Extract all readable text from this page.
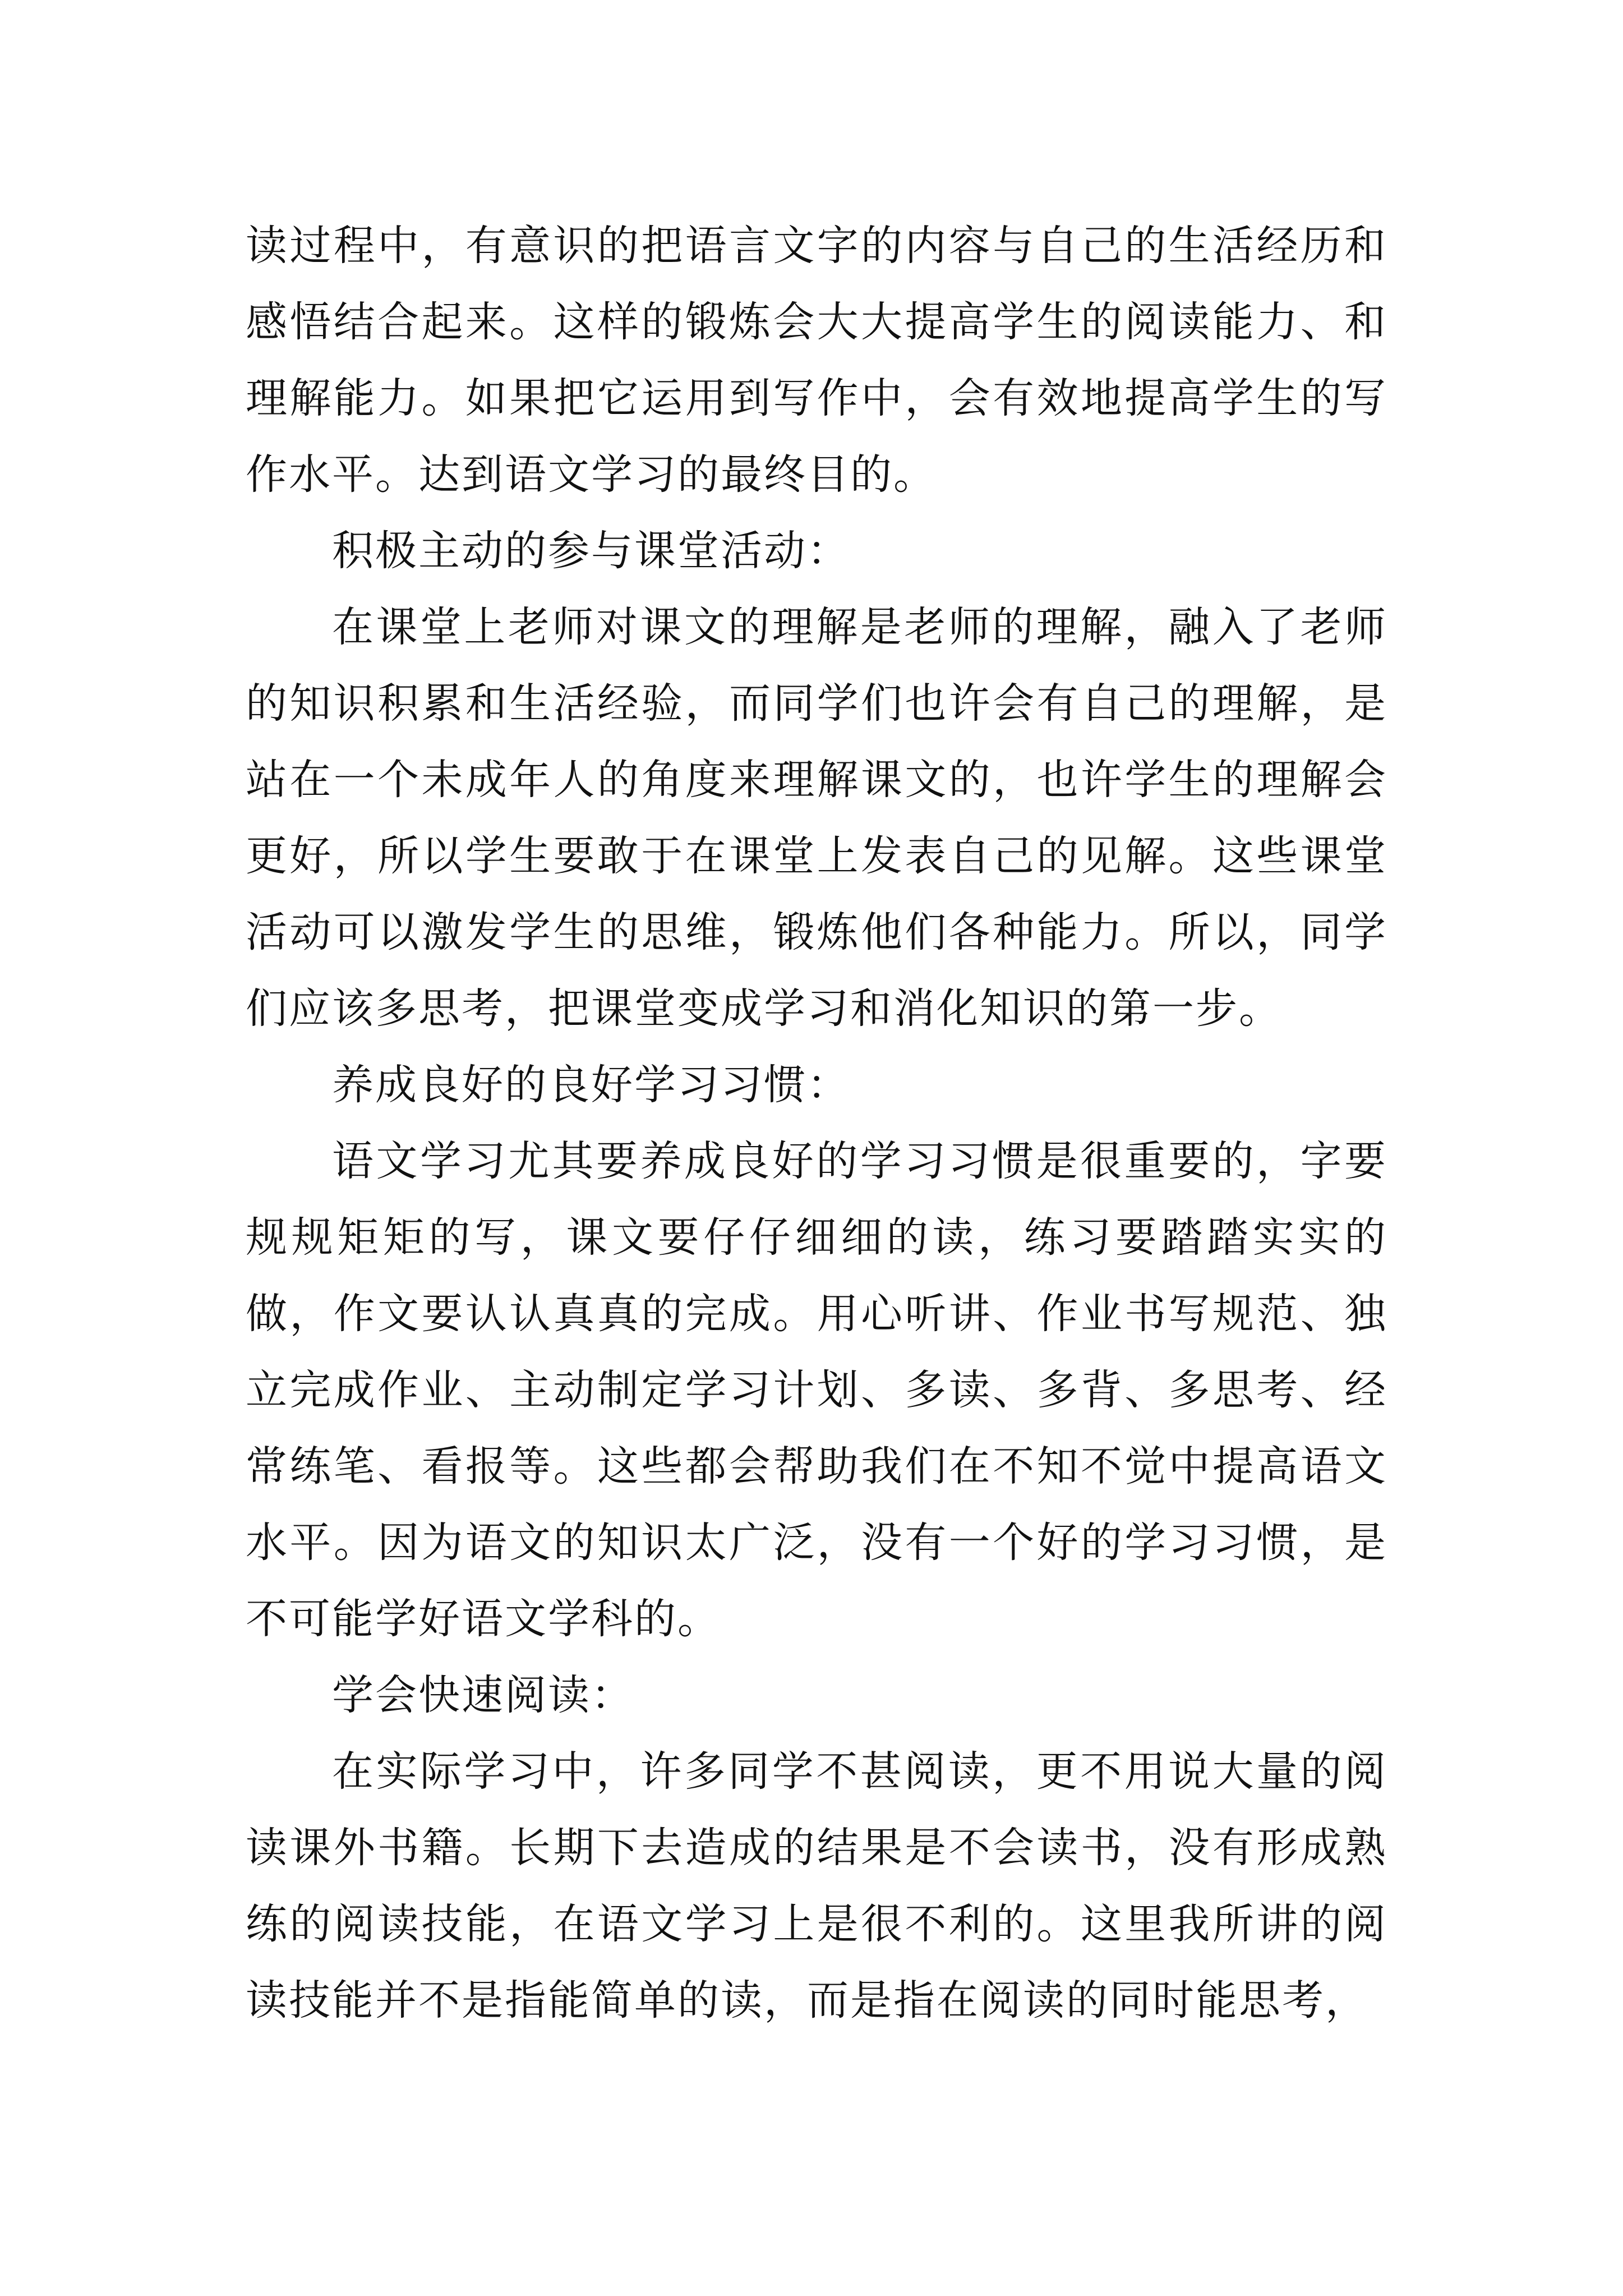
读过程中，有意识的把语言文字的内容与自己的生活经历和感悟结合起来。这样的锻炼会大大提高学生的阅读能力、和理解能力。如果把它运用到写作中，会有效地提高学生的写作水平。达到语文学习的最终目的。

积极主动的参与课堂活动：

在课堂上老师对课文的理解是老师的理解，融入了老师的知识积累和生活经验，而同学们也许会有自己的理解，是站在一个未成年人的角度来理解课文的，也许学生的理解会更好，所以学生要敢于在课堂上发表自己的见解。这些课堂活动可以激发学生的思维，锻炼他们各种能力。所以，同学们应该多思考，把课堂变成学习和消化知识的第一步。

养成良好的良好学习习惯：

语文学习尤其要养成良好的学习习惯是很重要的，字要规规矩矩的写，课文要仔仔细细的读，练习要踏踏实实的做，作文要认认真真的完成。用心听讲、作业书写规范、独立完成作业、主动制定学习计划、多读、多背、多思考、经常练笔、看报等。这些都会帮助我们在不知不觉中提高语文水平。因为语文的知识太广泛，没有一个好的学习习惯，是不可能学好语文学科的。

学会快速阅读：

在实际学习中，许多同学不甚阅读，更不用说大量的阅读课外书籍。长期下去造成的结果是不会读书，没有形成熟练的阅读技能，在语文学习上是很不利的。这里我所讲的阅读技能并不是指能简单的读，而是指在阅读的同时能思考，
